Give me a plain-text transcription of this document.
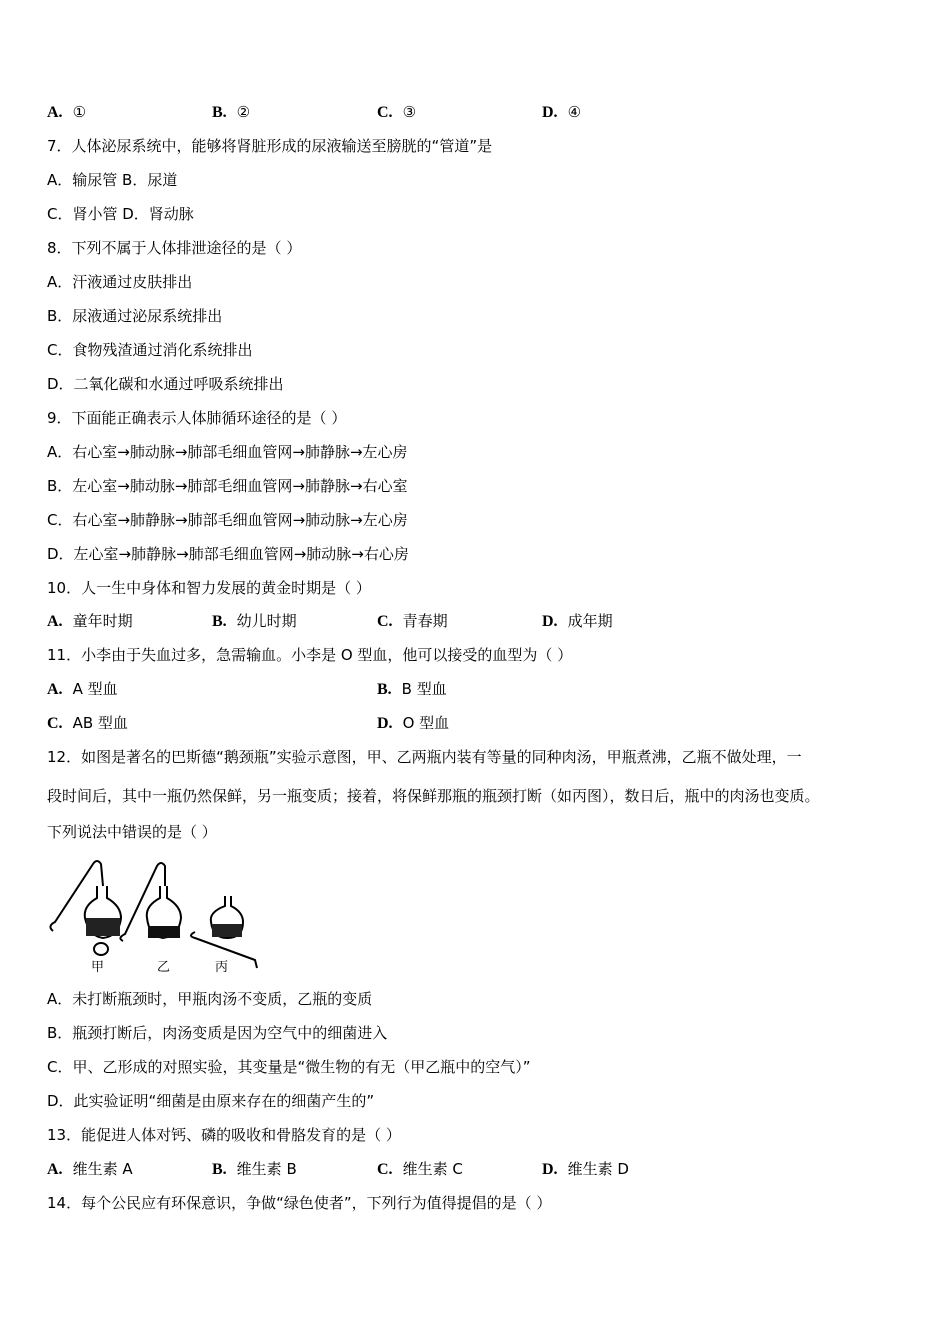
A. ①	B. ②	C. ③	D. ④
7．人体泌尿系统中，能够将肾脏形成的尿液输送至膀胱的“管道”是
A．输尿管 B．尿道
C．肾小管 D．肾动脉
8．下列不属于人体排泄途径的是（ ）
A．汗液通过皮肤排出
B．尿液通过泌尿系统排出
C．食物残渣通过消化系统排出
D．二氧化碳和水通过呼吸系统排出
9．下面能正确表示人体肺循环途径的是（ ）
A．右心室→肺动脉→肺部毛细血管网→肺静脉→左心房
B．左心室→肺动脉→肺部毛细血管网→肺静脉→右心室
C．右心室→肺静脉→肺部毛细血管网→肺动脉→左心房
D．左心室→肺静脉→肺部毛细血管网→肺动脉→右心房
10．人一生中身体和智力发展的黄金时期是（ ）
A. 童年时期	B. 幼儿时期	C. 青春期	D. 成年期
11．小李由于失血过多，急需输血。小李是 O 型血，他可以接受的血型为（ ）
A. A 型血	B. B 型血
C. AB 型血	D. O 型血
12．如图是著名的巴斯德“鹅颈瓶”实验示意图，甲、乙两瓶内装有等量的同种肉汤，甲瓶煮沸，乙瓶不做处理，一
段时间后，其中一瓶仍然保鲜，另一瓶变质；接着，将保鲜那瓶的瓶颈打断（如丙图），数日后，瓶中的肉汤也变质。
下列说法中错误的是（ ）
甲	乙	丙
A．未打断瓶颈时，甲瓶肉汤不变质，乙瓶的变质
B．瓶颈打断后，肉汤变质是因为空气中的细菌进入
C．甲、乙形成的对照实验，其变量是“微生物的有无（甲乙瓶中的空气）”
D．此实验证明“细菌是由原来存在的细菌产生的”
13．能促进人体对钙、磷的吸收和骨胳发育的是（ ）
A. 维生素 A	B. 维生素 B	C. 维生素 C	D. 维生素 D
14．每个公民应有环保意识，争做“绿色使者”，下列行为值得提倡的是（ ）
